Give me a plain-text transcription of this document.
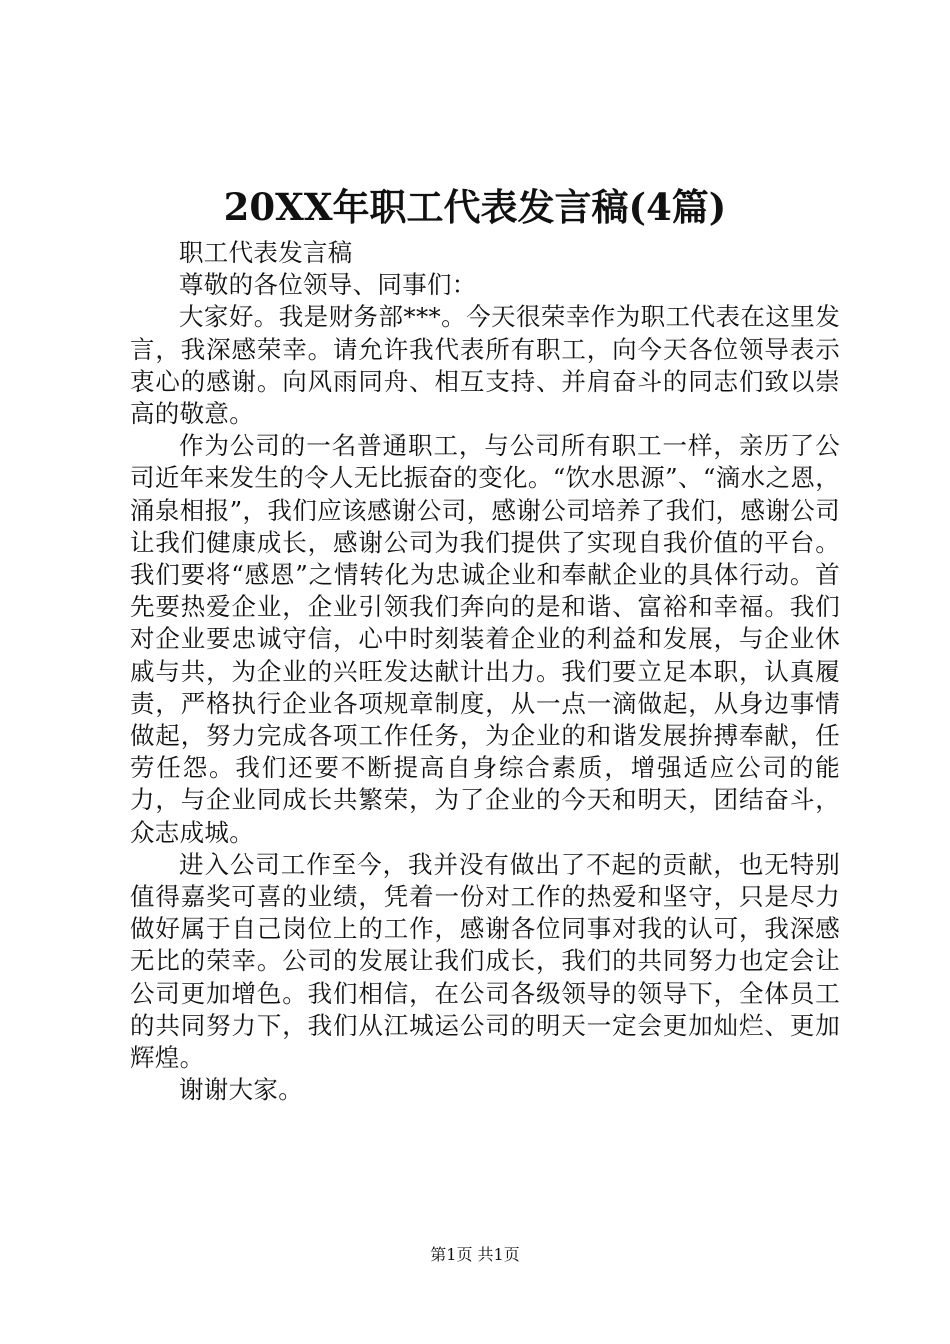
20XX年职工代表发言稿(4篇)

职工代表发言稿

尊敬的各位领导、同事们：

大家好。我是财务部***。今天很荣幸作为职工代表在这里发言，我深感荣幸。请允许我代表所有职工，向今天各位领导表示衷心的感谢。向风雨同舟、相互支持、并肩奋斗的同志们致以崇高的敬意。

作为公司的一名普通职工，与公司所有职工一样，亲历了公司近年来发生的令人无比振奋的变化。“饮水思源”、“滴水之恩，涌泉相报”，我们应该感谢公司，感谢公司培养了我们，感谢公司让我们健康成长，感谢公司为我们提供了实现自我价值的平台。我们要将“感恩”之情转化为忠诚企业和奉献企业的具体行动。首先要热爱企业，企业引领我们奔向的是和谐、富裕和幸福。我们对企业要忠诚守信，心中时刻装着企业的利益和发展，与企业休戚与共，为企业的兴旺发达献计出力。我们要立足本职，认真履责，严格执行企业各项规章制度，从一点一滴做起，从身边事情做起，努力完成各项工作任务，为企业的和谐发展拚搏奉献，任劳任怨。我们还要不断提高自身综合素质，增强适应公司的能力，与企业同成长共繁荣，为了企业的今天和明天，团结奋斗，众志成城。

进入公司工作至今，我并没有做出了不起的贡献，也无特别值得嘉奖可喜的业绩，凭着一份对工作的热爱和坚守，只是尽力做好属于自己岗位上的工作，感谢各位同事对我的认可，我深感无比的荣幸。公司的发展让我们成长，我们的共同努力也定会让公司更加增色。我们相信，在公司各级领导的领导下，全体员工的共同努力下，我们从江城运公司的明天一定会更加灿烂、更加辉煌。

谢谢大家。

第1页 共1页
